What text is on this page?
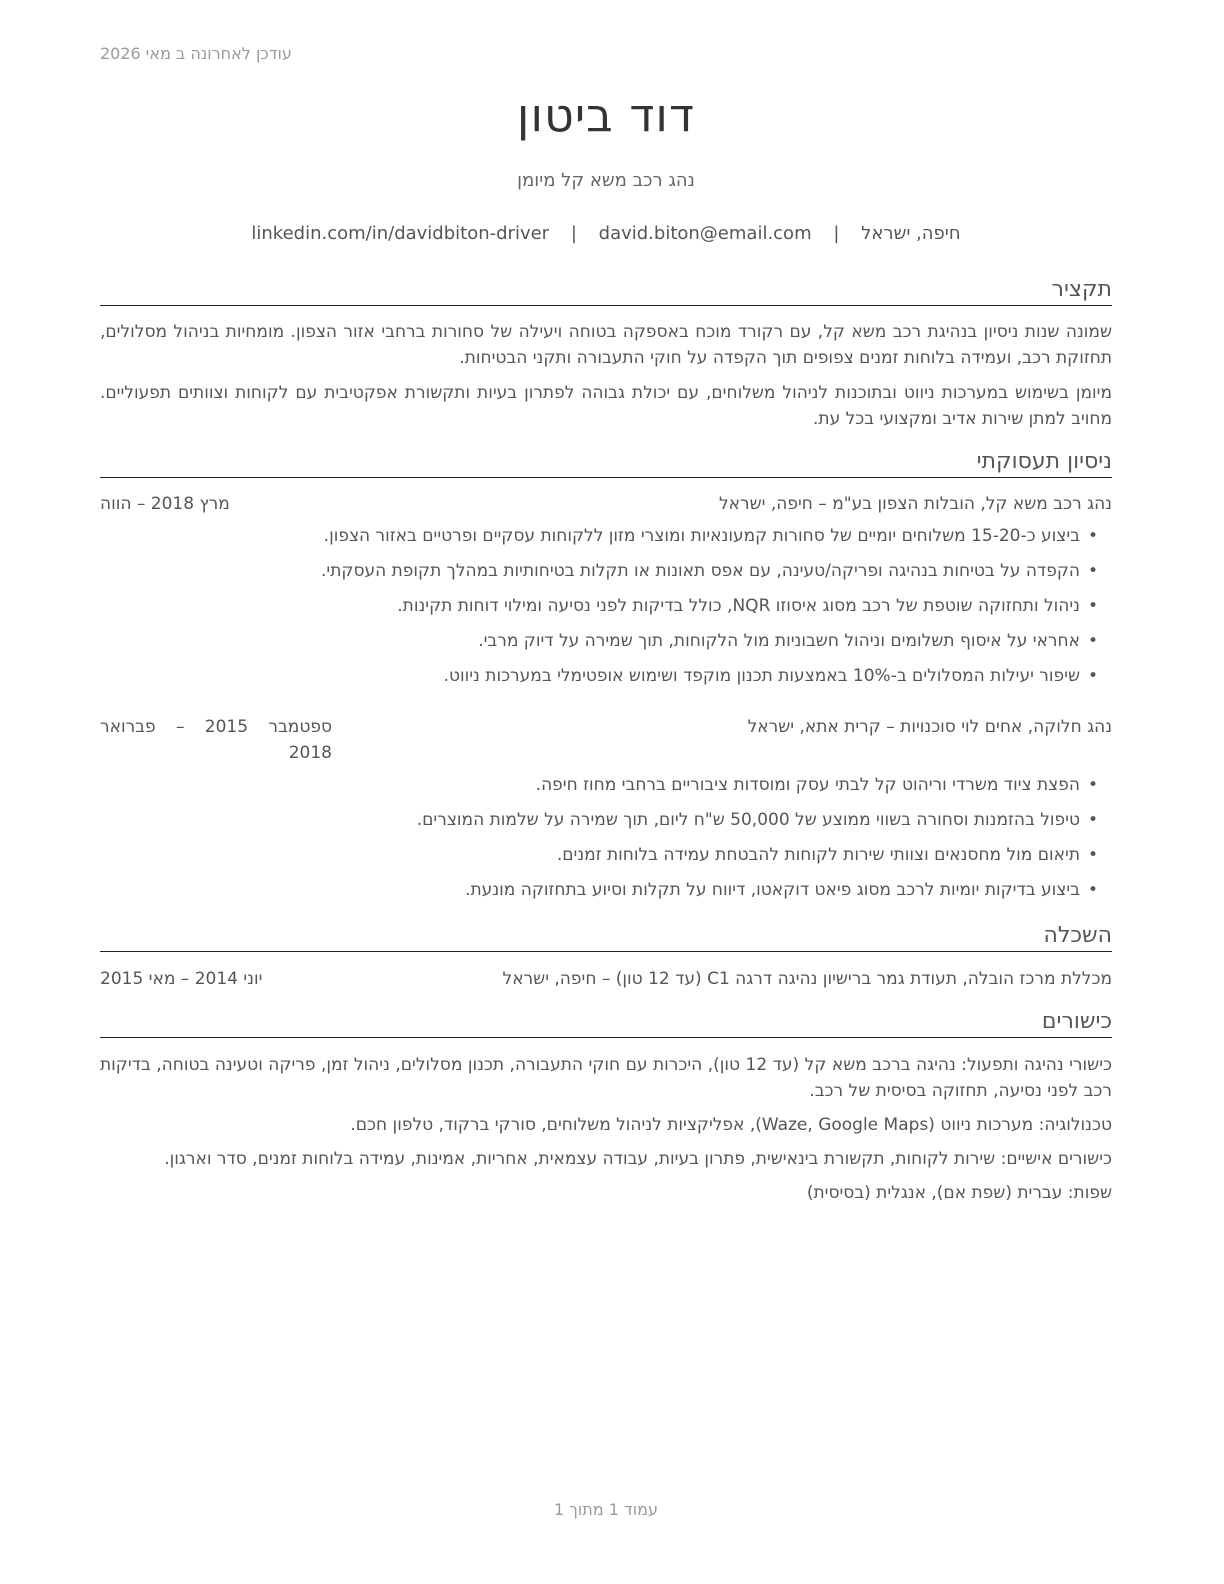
עודכן לאחרונה ב מאי 2026
דוד ביטון
נהג רכב משא קל מיומן
חיפה, ישראל | david.biton@email.com | linkedin.com/in/davidbiton-driver
תקציר
שמונה שנות ניסיון בנהיגת רכב משא קל, עם רקורד מוכח באספקה בטוחה ויעילה של סחורות ברחבי אזור הצפון. מומחיות בניהול מסלולים, תחזוקת רכב, ועמידה בלוחות זמנים צפופים תוך הקפדה על חוקי התעבורה ותקני הבטיחות.
מיומן בשימוש במערכות ניווט ובתוכנות לניהול משלוחים, עם יכולת גבוהה לפתרון בעיות ותקשורת אפקטיבית עם לקוחות וצוותים תפעוליים. מחויב למתן שירות אדיב ומקצועי בכל עת.
ניסיון תעסוקתי
נהג רכב משא קל, הובלות הצפון בע"מ – חיפה, ישראל
מרץ 2018 – הווה
•
ביצוע כ-15-20 משלוחים יומיים של סחורות קמעונאיות ומוצרי מזון ללקוחות עסקיים ופרטיים באזור הצפון.
•
הקפדה על בטיחות בנהיגה ופריקה/טעינה, עם אפס תאונות או תקלות בטיחותיות במהלך תקופת העסקתי.
•
ניהול ותחזוקה שוטפת של רכב מסוג איסוזו NQR, כולל בדיקות לפני נסיעה ומילוי דוחות תקינות.
•
אחראי על איסוף תשלומים וניהול חשבוניות מול הלקוחות, תוך שמירה על דיוק מרבי.
•
שיפור יעילות המסלולים ב-10% באמצעות תכנון מוקפד ושימוש אופטימלי במערכות ניווט.
נהג חלוקה, אחים לוי סוכנויות – קרית אתא, ישראל
ספטמבר 2015 – פברואר 2018
•
הפצת ציוד משרדי וריהוט קל לבתי עסק ומוסדות ציבוריים ברחבי מחוז חיפה.
•
טיפול בהזמנות וסחורה בשווי ממוצע של 50,000 ש"ח ליום, תוך שמירה על שלמות המוצרים.
•
תיאום מול מחסנאים וצוותי שירות לקוחות להבטחת עמידה בלוחות זמנים.
•
ביצוע בדיקות יומיות לרכב מסוג פיאט דוקאטו, דיווח על תקלות וסיוע בתחזוקה מונעת.
השכלה
מכללת מרכז הובלה, תעודת גמר ברישיון נהיגה דרגה C1 (עד 12 טון) – חיפה, ישראל
יוני 2014 – מאי 2015
כישורים
כישורי נהיגה ותפעול: נהיגה ברכב משא קל (עד 12 טון), היכרות עם חוקי התעבורה, תכנון מסלולים, ניהול זמן, פריקה וטעינה בטוחה, בדיקות רכב לפני נסיעה, תחזוקה בסיסית של רכב.
טכנולוגיה: מערכות ניווט (Waze, Google Maps), אפליקציות לניהול משלוחים, סורקי ברקוד, טלפון חכם.
כישורים אישיים: שירות לקוחות, תקשורת בינאישית, פתרון בעיות, עבודה עצמאית, אחריות, אמינות, עמידה בלוחות זמנים, סדר וארגון.
שפות: עברית (שפת אם), אנגלית (בסיסית)
עמוד 1 מתוך 1
